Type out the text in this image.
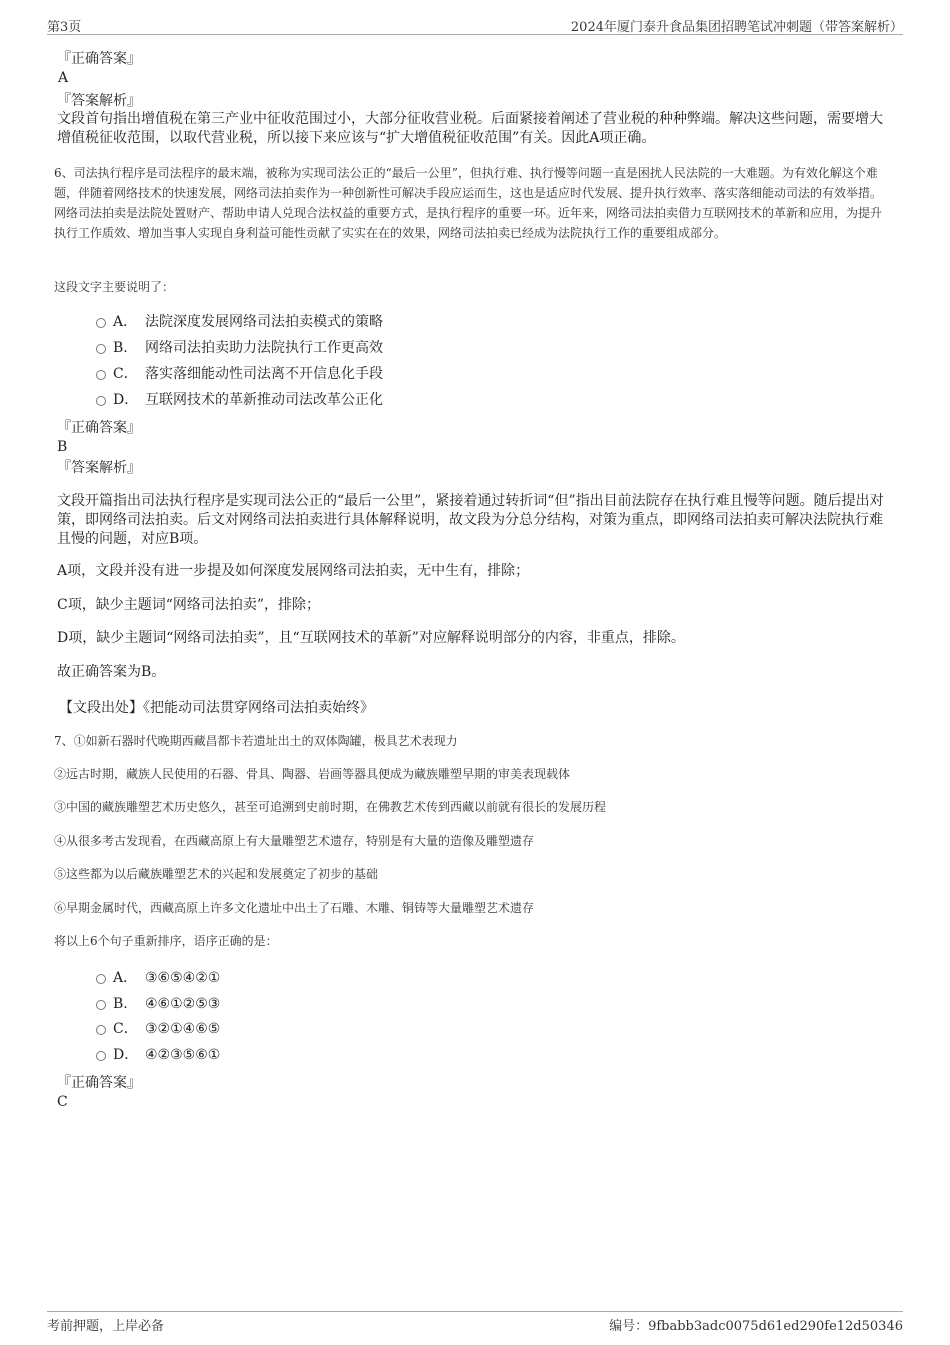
第3页	2024年厦门泰升食品集团招聘笔试冲刺题（带答案解析）
『正确答案』
A
『答案解析』
文段首句指出增值税在第三产业中征收范围过小，大部分征收营业税。后面紧接着阐述了营业税的种种弊端。解决这些问题，需要增大增值税征收范围，以取代营业税，所以接下来应该与“扩大增值税征收范围”有关。因此A项正确。
6、司法执行程序是司法程序的最末端，被称为实现司法公正的“最后一公里”，但执行难、执行慢等问题一直是困扰人民法院的一大难题。为有效化解这个难题，伴随着网络技术的快速发展，网络司法拍卖作为一种创新性可解决手段应运而生，这也是适应时代发展、提升执行效率、落实落细能动司法的有效举措。网络司法拍卖是法院处置财产、帮助申请人兑现合法权益的重要方式，是执行程序的重要一环。近年来，网络司法拍卖借力互联网技术的革新和应用，为提升执行工作质效、增加当事人实现自身利益可能性贡献了实实在在的效果，网络司法拍卖已经成为法院执行工作的重要组成部分。
这段文字主要说明了：
A． 法院深度发展网络司法拍卖模式的策略
B. 网络司法拍卖助力法院执行工作更高效
C． 落实落细能动性司法离不开信息化手段
D． 互联网技术的革新推动司法改革公正化
『正确答案』
B
『答案解析』
文段开篇指出司法执行程序是实现司法公正的“最后一公里”，紧接着通过转折词“但”指出目前法院存在执行难且慢等问题。随后提出对策，即网络司法拍卖。后文对网络司法拍卖进行具体解释说明，故文段为分总分结构，对策为重点，即网络司法拍卖可解决法院执行难且慢的问题，对应B项。
A项，文段并没有进一步提及如何深度发展网络司法拍卖，无中生有，排除；
C项，缺少主题词“网络司法拍卖”，排除；
D项，缺少主题词“网络司法拍卖”，且“互联网技术的革新”对应解释说明部分的内容，非重点，排除。
故正确答案为B。
【文段出处】《把能动司法贯穿网络司法拍卖始终》
7、①如新石器时代晚期西藏昌都卡若遗址出土的双体陶罐，极具艺术表现力
②远古时期，藏族人民使用的石器、骨具、陶器、岩画等器具便成为藏族雕塑早期的审美表现载体
③中国的藏族雕塑艺术历史悠久，甚至可追溯到史前时期，在佛教艺术传到西藏以前就有很长的发展历程
④从很多考古发现看，在西藏高原上有大量雕塑艺术遗存，特别是有大量的造像及雕塑遗存
⑤这些都为以后藏族雕塑艺术的兴起和发展奠定了初步的基础
⑥早期金属时代，西藏高原上许多文化遗址中出土了石雕、木雕、铜铸等大量雕塑艺术遗存
将以上6个句子重新排序，语序正确的是：
A． ③⑥⑤④②①
B. ④⑥①②⑤③
C． ③②①④⑥⑤
D． ④②③⑤⑥①
『正确答案』
C
考前押题，上岸必备	编号：9fbabb3adc0075d61ed290fe12d50346
